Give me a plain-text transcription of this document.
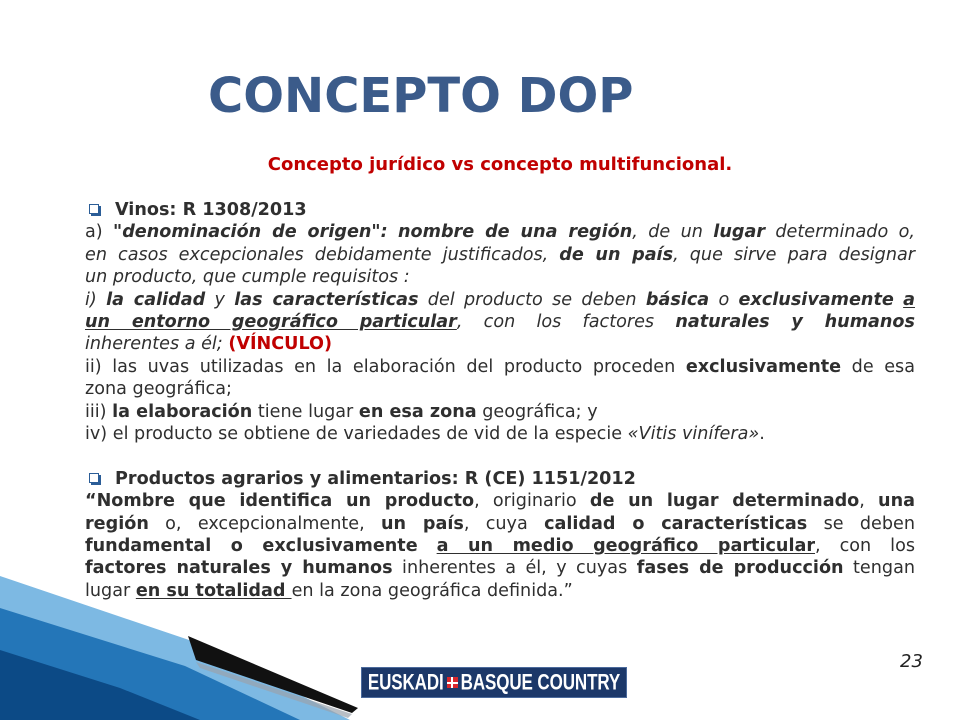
CONCEPTO DOP
Concepto jurídico vs concepto multifuncional.
Vinos: R 1308/2013
a) "denominación de origen": nombre de una región, de un lugar determinado o,
en casos excepcionales debidamente justificados, de un país, que sirve para designar
un producto, que cumple requisitos :
i) la calidad y las características del producto se deben básica o exclusivamente a
un entorno geográfico particular, con los factores naturales y humanos
inherentes a él; (VÍNCULO)
ii) las uvas utilizadas en la elaboración del producto proceden exclusivamente de esa
zona geográfica;
iii) la elaboración tiene lugar en esa zona geográfica; y
iv) el producto se obtiene de variedades de vid de la especie «Vitis vinífera».
Productos agrarios y alimentarios: R (CE) 1151/2012
“Nombre que identifica un producto, originario de un lugar determinado, una
región o, excepcionalmente, un país, cuya calidad o características se deben
fundamental o exclusivamente a un medio geográfico particular, con los
factores naturales y humanos inherentes a él, y cuyas fases de producción tengan
lugar en su totalidad en la zona geográfica definida.”
23
EUSKADI BASQUE COUNTRY
